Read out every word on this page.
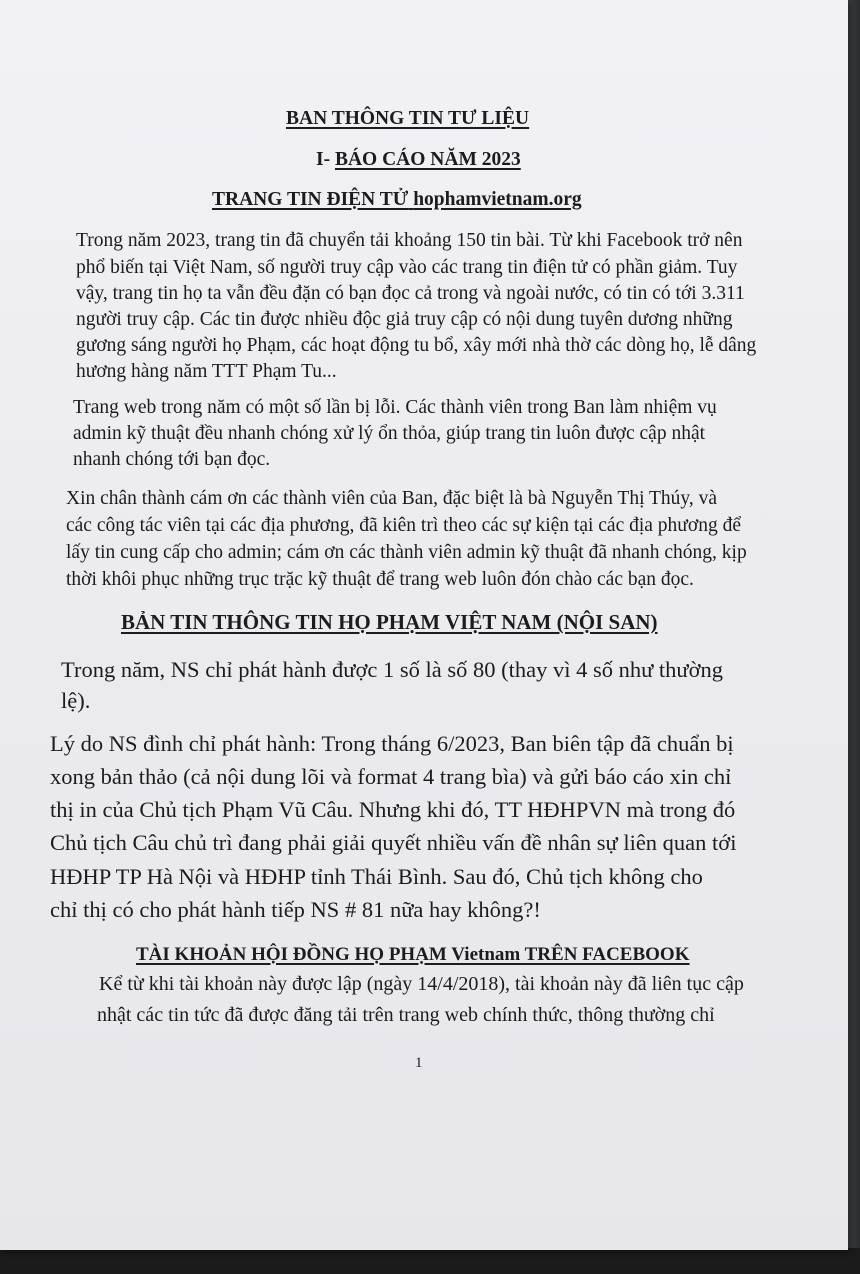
BAN THÔNG TIN TƯ LIỆU
I- BÁO CÁO NĂM 2023
TRANG TIN ĐIỆN TỬ hophamvietnam.org
Trong năm 2023, trang tin đã chuyển tải khoảng 150 tin bài. Từ khi Facebook trở nên
phổ biến tại Việt Nam, số người truy cập vào các trang tin điện tử có phần giảm. Tuy
vậy, trang tin họ ta vẫn đều đặn có bạn đọc cả trong và ngoài nước, có tin có tới 3.311
người truy cập. Các tin được nhiều độc giả truy cập có nội dung tuyên dương những
gương sáng người họ Phạm, các hoạt động tu bổ, xây mới nhà thờ các dòng họ, lễ dâng
hương hàng năm TTT Phạm Tu...
Trang web trong năm có một số lần bị lỗi. Các thành viên trong Ban làm nhiệm vụ
admin kỹ thuật đều nhanh chóng xử lý ổn thỏa, giúp trang tin luôn được cập nhật
nhanh chóng tới bạn đọc.
Xin chân thành cám ơn các thành viên của Ban, đặc biệt là bà Nguyễn Thị Thúy, và
các công tác viên tại các địa phương, đã kiên trì theo các sự kiện tại các địa phương để
lấy tin cung cấp cho admin; cám ơn các thành viên admin kỹ thuật đã nhanh chóng, kịp
thời khôi phục những trục trặc kỹ thuật để trang web luôn đón chào các bạn đọc.
BẢN TIN THÔNG TIN HỌ PHẠM VIỆT NAM (NỘI SAN)
Trong năm, NS chỉ phát hành được 1 số là số 80 (thay vì 4 số như thường
lệ).
Lý do NS đình chỉ phát hành: Trong tháng 6/2023, Ban biên tập đã chuẩn bị
xong bản thảo (cả nội dung lõi và format 4 trang bìa) và gửi báo cáo xin chỉ
thị in của Chủ tịch Phạm Vũ Câu. Nhưng khi đó, TT HĐHPVN mà trong đó
Chủ tịch Câu chủ trì đang phải giải quyết nhiều vấn đề nhân sự liên quan tới
HĐHP TP Hà Nội và HĐHP tỉnh Thái Bình. Sau đó, Chủ tịch không cho
chỉ thị có cho phát hành tiếp NS # 81 nữa hay không?!
TÀI KHOẢN HỘI ĐỒNG HỌ PHẠM Vietnam TRÊN FACEBOOK
Kể từ khi tài khoản này được lập (ngày 14/4/2018), tài khoản này đã liên tục cập
nhật các tin tức đã được đăng tải trên trang web chính thức, thông thường chỉ
1
